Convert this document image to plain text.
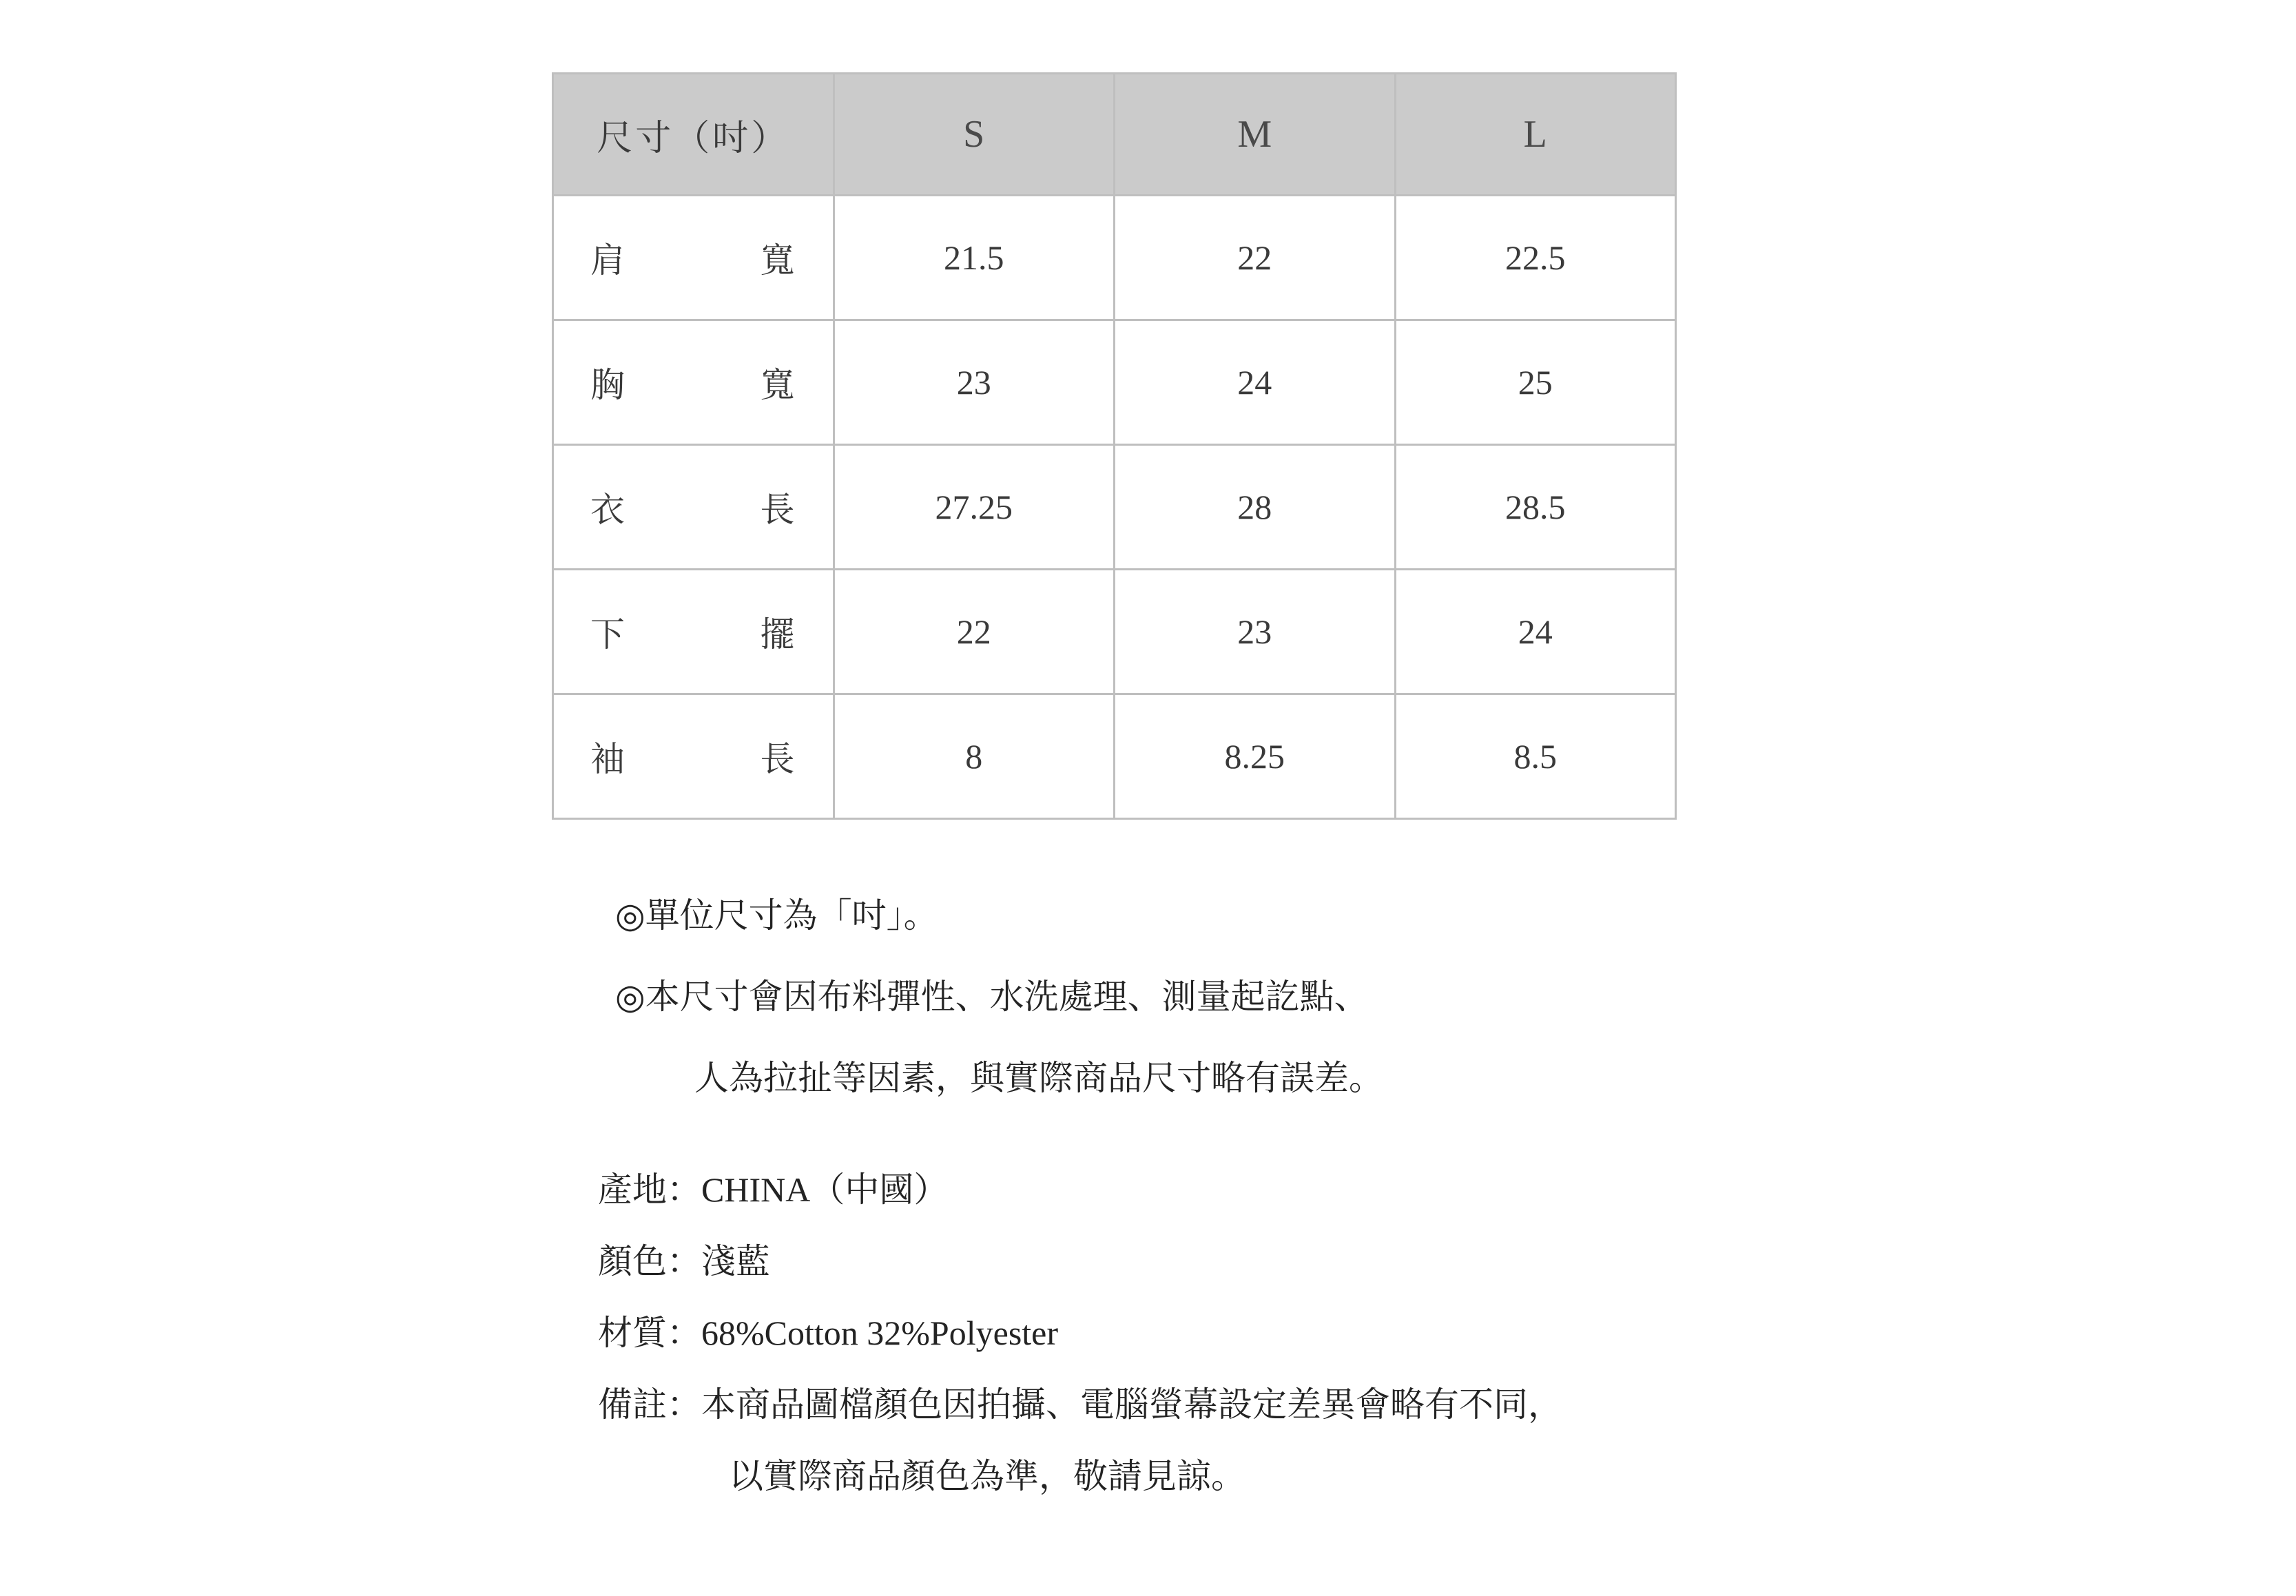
尺寸（吋）	S	M	L

肩 寬	21.5	22	22.5

胸 寬	23	24	25

衣 長	27.25	28	28.5

下 擺	22	23	24

袖 長	8	8.25	8.5
◎單位尺寸為「吋」。
◎本尺寸會因布料彈性、水洗處理、測量起訖點、
人為拉扯等因素，與實際商品尺寸略有誤差。
產地：CHINA（中國）
顏色：淺藍
材質：68%Cotton 32%Polyester
備註：本商品圖檔顏色因拍攝、電腦螢幕設定差異會略有不同，
以實際商品顏色為準，敬請見諒。
